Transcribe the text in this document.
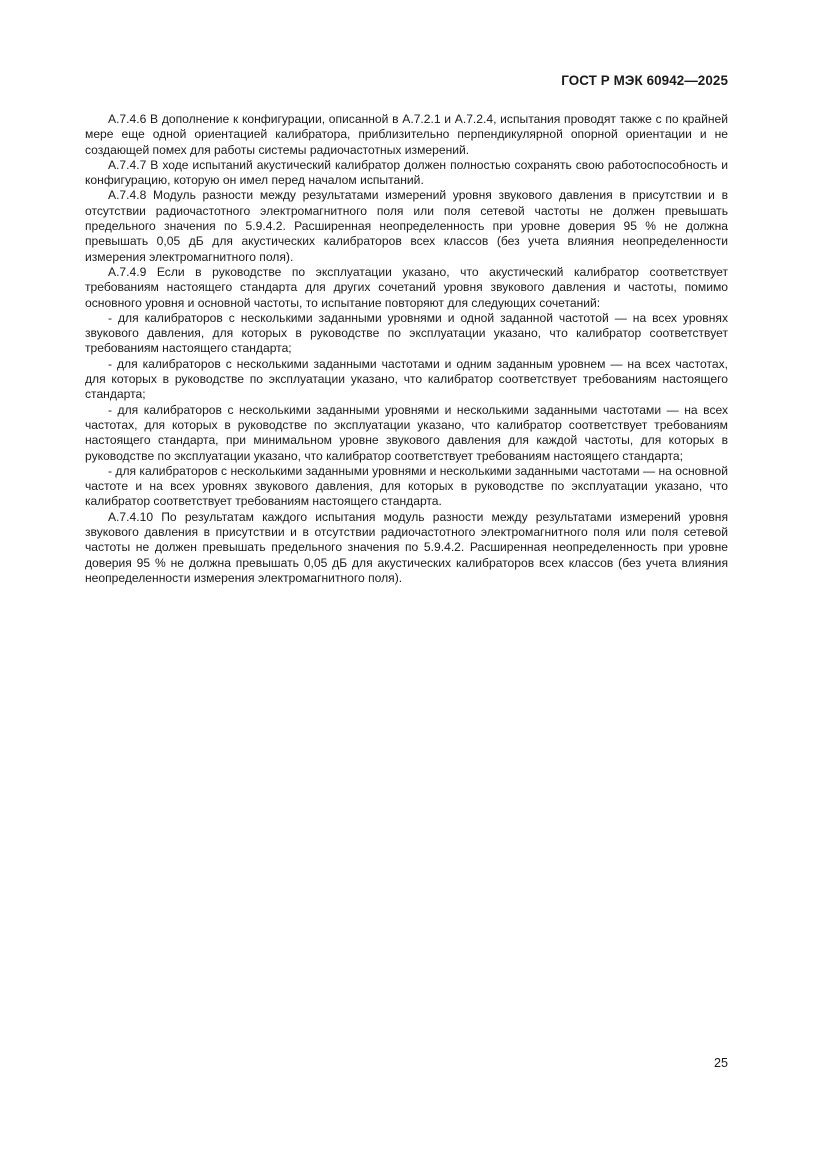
ГОСТ Р МЭК 60942—2025

А.7.4.6 В дополнение к конфигурации, описанной в А.7.2.1 и А.7.2.4, испытания проводят также с по крайней мере еще одной ориентацией калибратора, приблизительно перпендикулярной опорной ориентации и не создающей помех для работы системы радиочастотных измерений.

А.7.4.7 В ходе испытаний акустический калибратор должен полностью сохранять свою работоспособность и конфигурацию, которую он имел перед началом испытаний.

А.7.4.8 Модуль разности между результатами измерений уровня звукового давления в присутствии и в отсутствии радиочастотного электромагнитного поля или поля сетевой частоты не должен превышать предельного значения по 5.9.4.2. Расширенная неопределенность при уровне доверия 95 % не должна превышать 0,05 дБ для акустических калибраторов всех классов (без учета влияния неопределенности измерения электромагнитного поля).

А.7.4.9 Если в руководстве по эксплуатации указано, что акустический калибратор соответствует требованиям настоящего стандарта для других сочетаний уровня звукового давления и частоты, помимо основного уровня и основной частоты, то испытание повторяют для следующих сочетаний:

- для калибраторов с несколькими заданными уровнями и одной заданной частотой — на всех уровнях звукового давления, для которых в руководстве по эксплуатации указано, что калибратор соответствует требованиям настоящего стандарта;

- для калибраторов с несколькими заданными частотами и одним заданным уровнем — на всех частотах, для которых в руководстве по эксплуатации указано, что калибратор соответствует требованиям настоящего стандарта;

- для калибраторов с несколькими заданными уровнями и несколькими заданными частотами — на всех частотах, для которых в руководстве по эксплуатации указано, что калибратор соответствует требованиям настоящего стандарта, при минимальном уровне звукового давления для каждой частоты, для которых в руководстве по эксплуатации указано, что калибратор соответствует требованиям настоящего стандарта;

- для калибраторов с несколькими заданными уровнями и несколькими заданными частотами — на основной частоте и на всех уровнях звукового давления, для которых в руководстве по эксплуатации указано, что калибратор соответствует требованиям настоящего стандарта.

А.7.4.10 По результатам каждого испытания модуль разности между результатами измерений уровня звукового давления в присутствии и в отсутствии радиочастотного электромагнитного поля или поля сетевой частоты не должен превышать предельного значения по 5.9.4.2. Расширенная неопределенность при уровне доверия 95 % не должна превышать 0,05 дБ для акустических калибраторов всех классов (без учета влияния неопределенности измерения электромагнитного поля).

25
